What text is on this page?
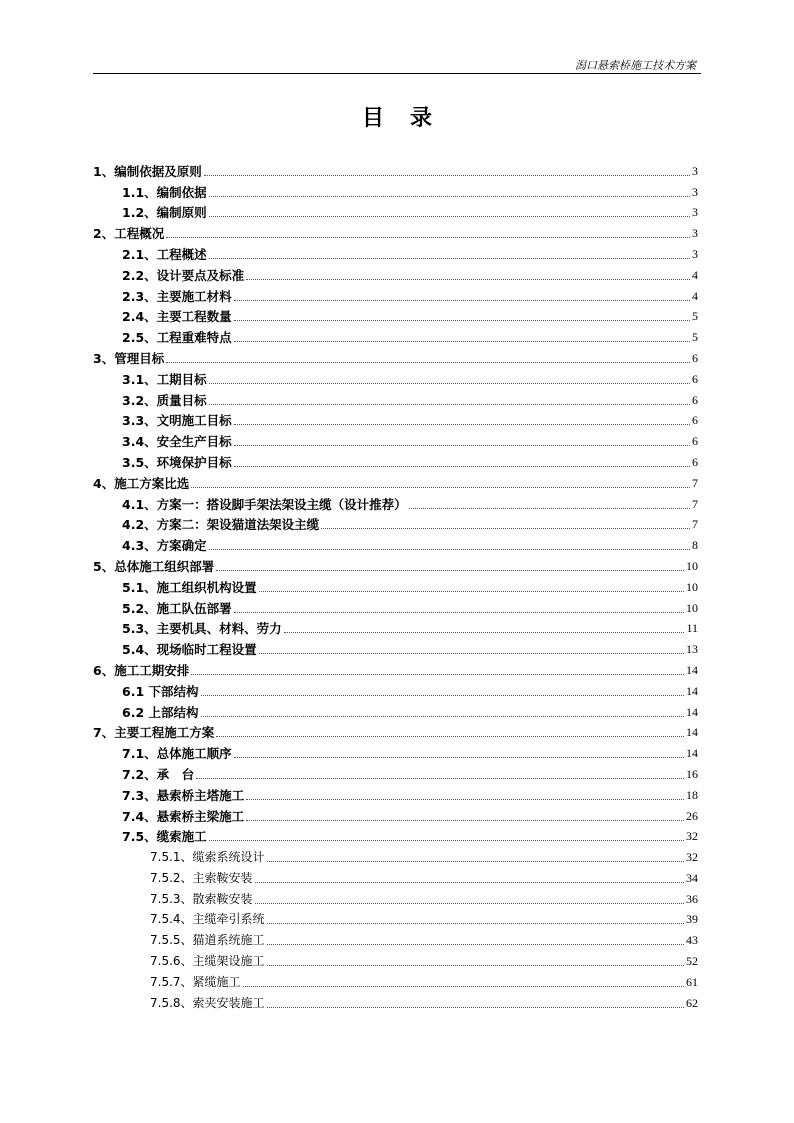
潟口悬索桥施工技术方案
目录
1、编制依据及原则	3
1.1、编制依据	3
1.2、编制原则	3
2、工程概况	3
2.1、工程概述	3
2.2、设计要点及标准	4
2.3、主要施工材料	4
2.4、主要工程数量	5
2.5、工程重难特点	5
3、管理目标	6
3.1、工期目标	6
3.2、质量目标	6
3.3、文明施工目标	6
3.4、安全生产目标	6
3.5、环境保护目标	6
4、施工方案比选	7
4.1、方案一：搭设脚手架法架设主缆（设计推荐）	7
4.2、方案二：架设猫道法架设主缆	7
4.3、方案确定	8
5、总体施工组织部署	10
5.1、施工组织机构设置	10
5.2、施工队伍部署	10
5.3、主要机具、材料、劳力	11
5.4、现场临时工程设置	13
6、施工工期安排	14
6.1 下部结构	14
6.2 上部结构	14
7、主要工程施工方案	14
7.1、总体施工顺序	14
7.2、承　台	16
7.3、悬索桥主塔施工	18
7.4、悬索桥主梁施工	26
7.5、缆索施工	32
7.5.1、缆索系统设计	32
7.5.2、主索鞍安装	34
7.5.3、散索鞍安装	36
7.5.4、主缆牵引系统	39
7.5.5、猫道系统施工	43
7.5.6、主缆架设施工	52
7.5.7、紧缆施工	61
7.5.8、索夹安装施工	62
